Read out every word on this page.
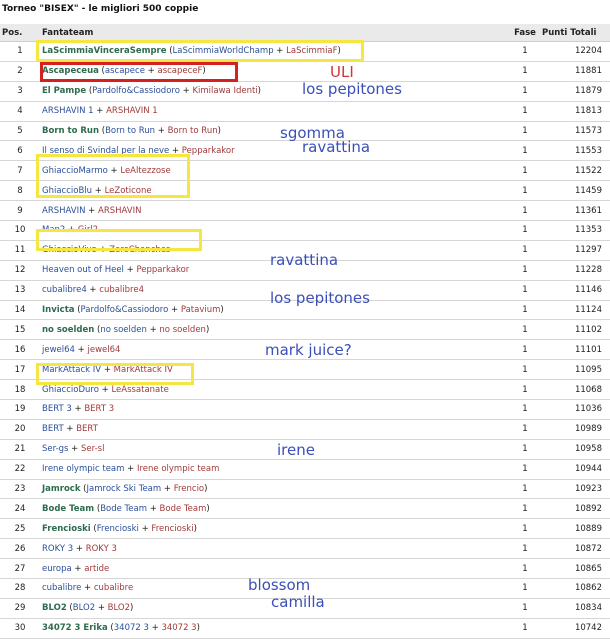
Torneo "BISEX" - le migliori 500 coppie
Pos.	Fantateam	Fase	Punti Totali
1	LaScimmiaVinceraSempre (LaScimmiaWorldChamp + LaScimmiaF)	1	12204
2	Ascapeceua (ascapece + ascapeceF)	1	11881
3	El Pampe (Pardolfo&Cassiodoro + Kimilawa Identi)	1	11879
4	ARSHAVIN 1 + ARSHAVIN 1	1	11813
5	Born to Run (Born to Run + Born to Run)	1	11573
6	Il senso di Svindal per la neve + Pepparkakor	1	11553
7	GhiaccioMarmo + LeAltezzose	1	11522
8	GhiaccioBlu + LeZoticone	1	11459
9	ARSHAVIN + ARSHAVIN	1	11361
10	Man2 + Girl2	1	11353
11	GhiaccioVivo + ZeroChanches	1	11297
12	Heaven out of Heel + Pepparkakor	1	11228
13	cubalibre4 + cubalibre4	1	11146
14	Invicta (Pardolfo&Cassiodoro + Patavium)	1	11124
15	no soelden (no soelden + no soelden)	1	11102
16	jewel64 + jewel64	1	11101
17	MarkAttack IV + MarkAttack IV	1	11095
18	GhiaccioDuro + LeAssatanate	1	11068
19	BERT 3 + BERT 3	1	11036
20	BERT + BERT	1	10989
21	Ser-gs + Ser-sl	1	10958
22	Irene olympic team + Irene olympic team	1	10944
23	Jamrock (Jamrock Ski Team + Frencio)	1	10923
24	Bode Team (Bode Team + Bode Team)	1	10892
25	Frencioski (Frencioski + Frencioski)	1	10889
26	ROKY 3 + ROKY 3	1	10872
27	europa + artide	1	10865
28	cubalibre + cubalibre	1	10862
29	BLO2 (BLO2 + BLO2)	1	10834
30	34072 3 Erika (34072 3 + 34072 3)	1	10742
ULI
los pepitones
sgomma
ravattina
ravattina
los pepitones
mark juice?
irene
blossom
camilla
